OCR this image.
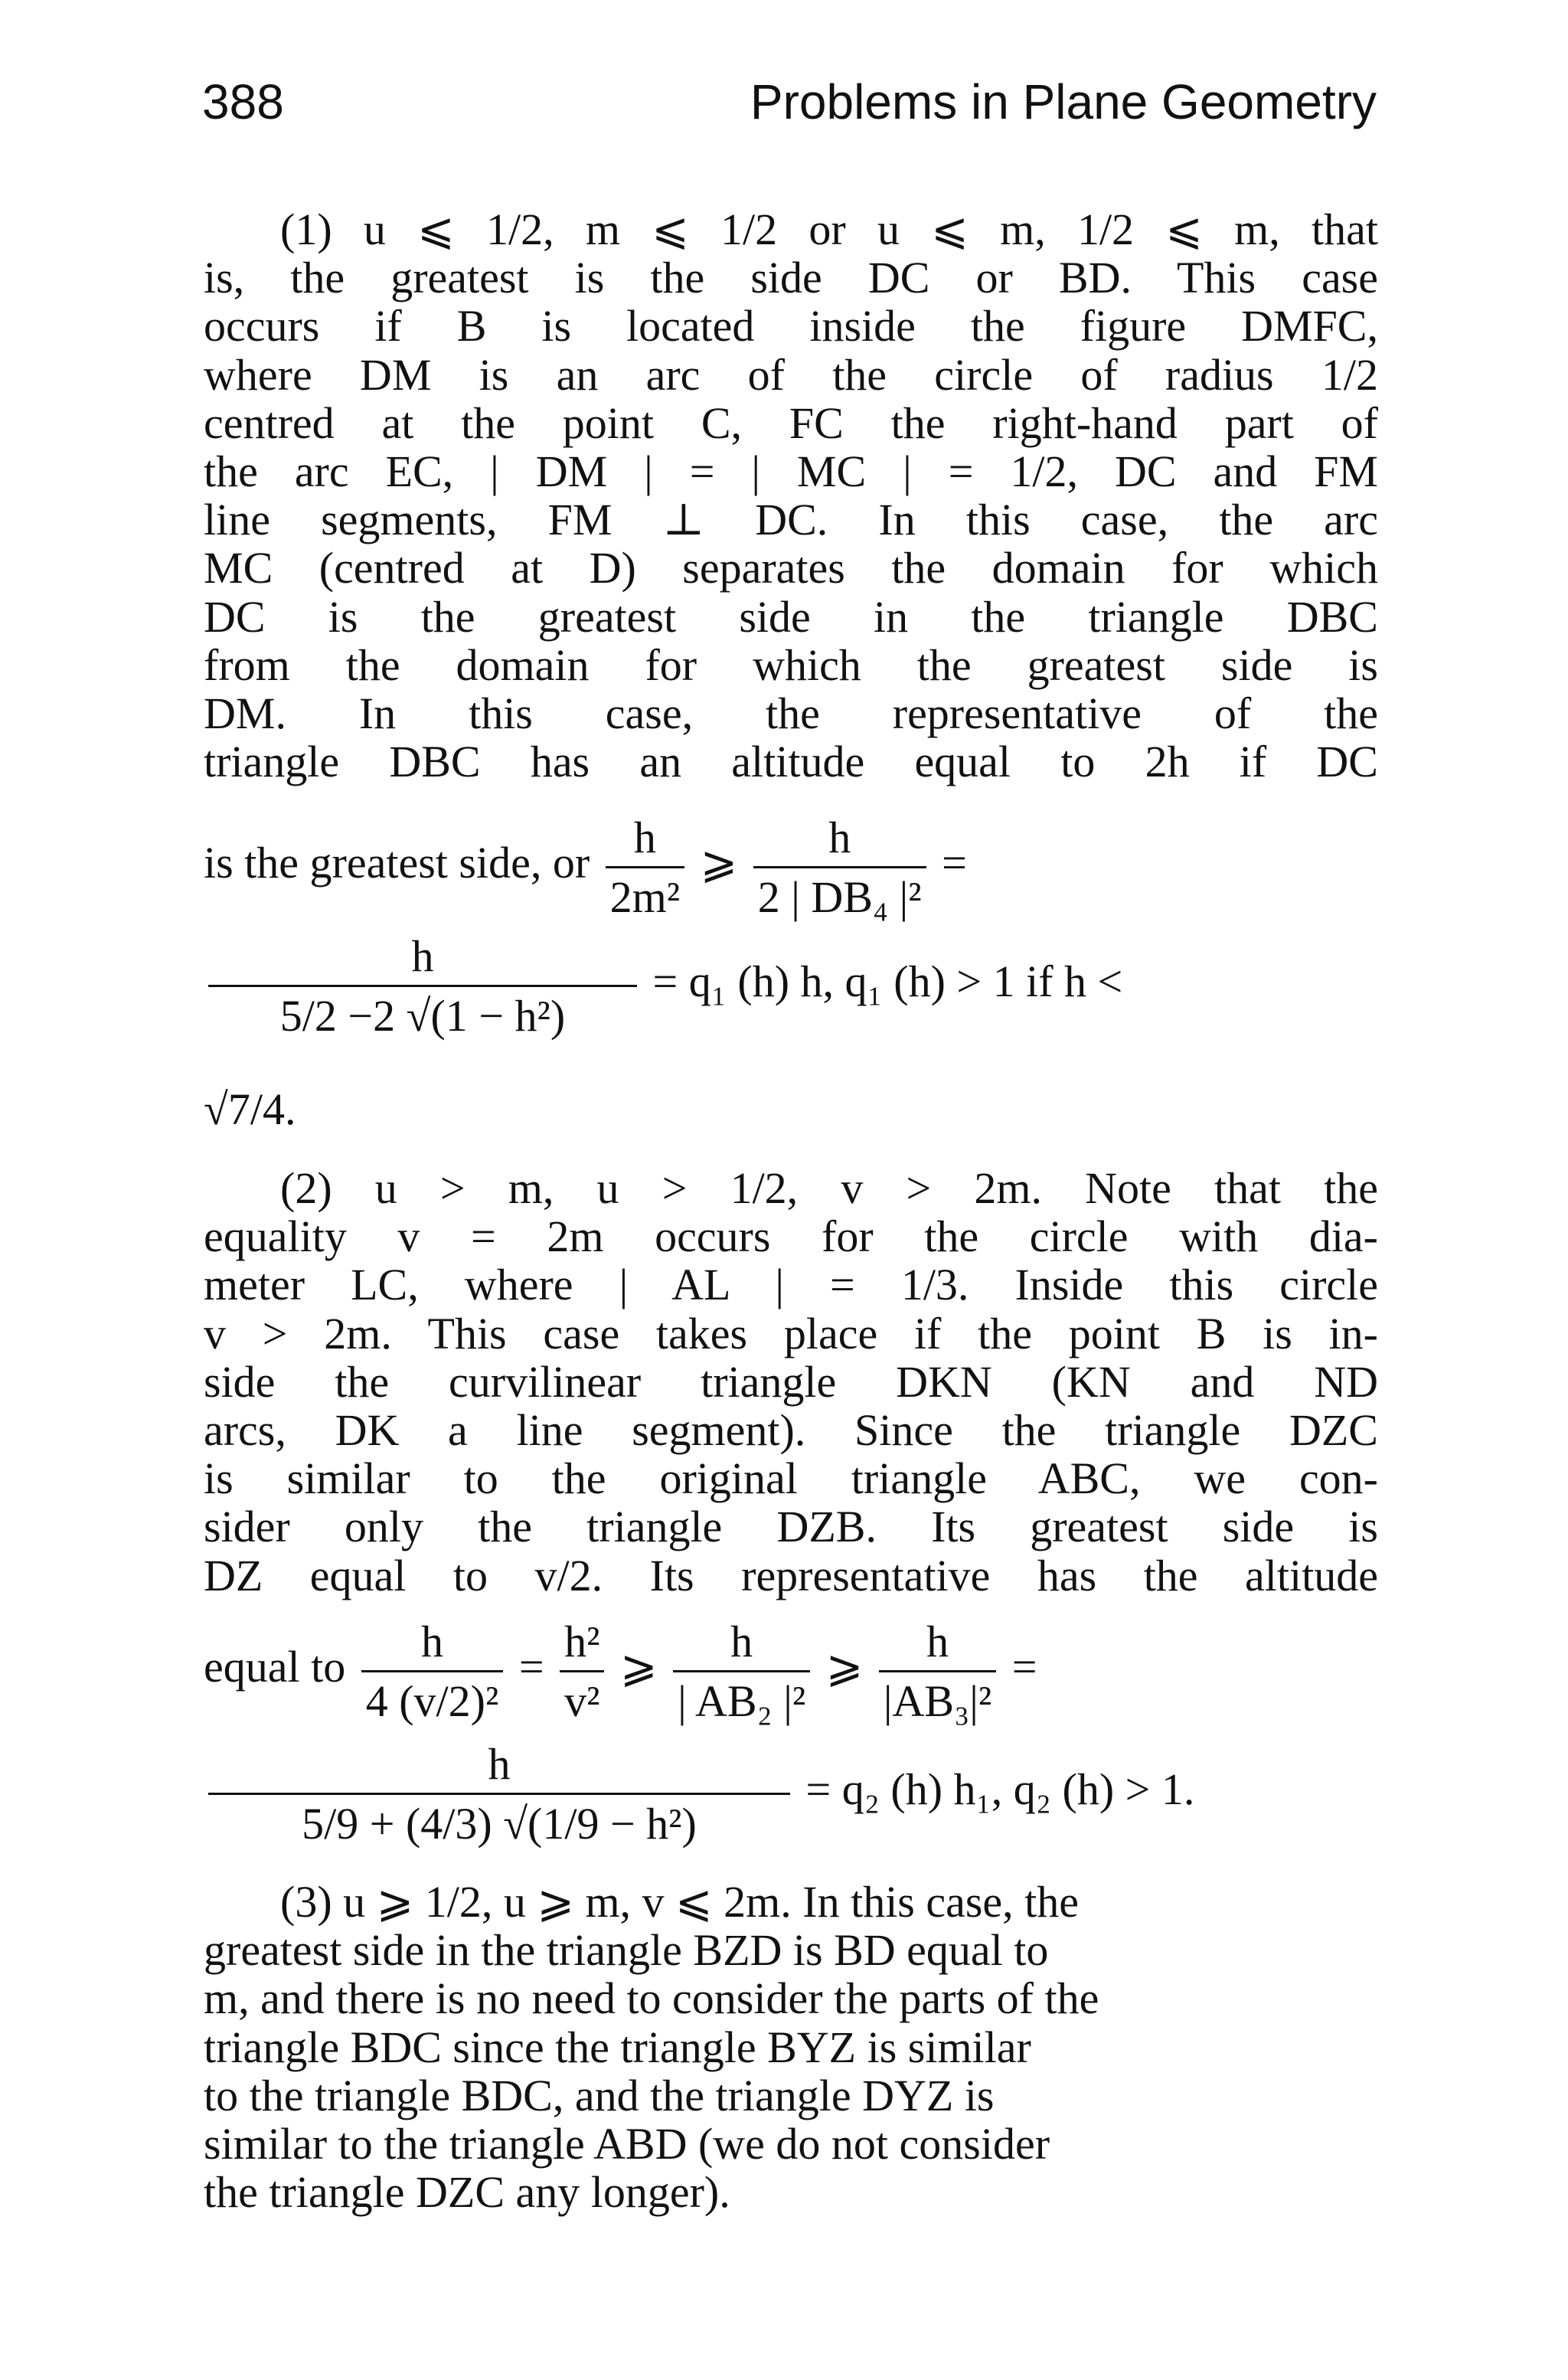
388	Problems in Plane Geometry
(1) u ⩽ 1/2, m ⩽ 1/2 or u ⩽ m, 1/2 ⩽ m, that
is, the greatest is the side DC or BD. This case
occurs if B is located inside the figure DMFC,
where DM is an arc of the circle of radius 1/2
centred at the point C, FC the right-hand part of
the arc EC, | DM | = | MC | = 1/2, DC and FM
line segments, FM ⊥ DC. In this case, the arc
MC (centred at D) separates the domain for which
DC is the greatest side in the triangle DBC
from the domain for which the greatest side is
DM. In this case, the representative of the
triangle DBC has an altitude equal to 2h if DC
is the greatest side, or $\frac{h}{\text{2m²}}$ ⩾ $\frac{h}{\text{2 | DB₄ |²}}$ =
$\frac{h}{\text{5/2 −2 √(1 − h²)}} = q_1$ (h) h, q₁ (h) > 1 if h <
√7/4.
(2) u > m, u > 1/2, v > 2m. Note that the
equality v = 2m occurs for the circle with dia-
meter LC, where | AL | = 1/3. Inside this circle
v > 2m. This case takes place if the point B is in-
side the curvilinear triangle DKN (KN and ND
arcs, DK a line segment). Since the triangle DZC
is similar to the original triangle ABC, we con-
sider only the triangle DZB. Its greatest side is
DZ equal to v/2. Its representative has the altitude
equal to $\frac{h}{\text{4 (v/2)²}} = \frac{\text{h²}}{\text{v²}}$ ⩾ $\frac{h}{\text{| AB₂ |²}}$ ⩾ $\frac{h}{\text{|AB₃|²}}$ =
$\frac{h}{\text{5/9 + (4/3) √(1/9 − h²)}} = q_2$ (h) h₁, q₂ (h) > 1.
(3) u ⩾ 1/2, u ⩾ m, v ⩽ 2m. In this case, the
greatest side in the triangle BZD is BD equal to
m, and there is no need to consider the parts of the
triangle BDC since the triangle BYZ is similar
to the triangle BDC, and the triangle DYZ is
similar to the triangle ABD (we do not consider
the triangle DZC any longer).
